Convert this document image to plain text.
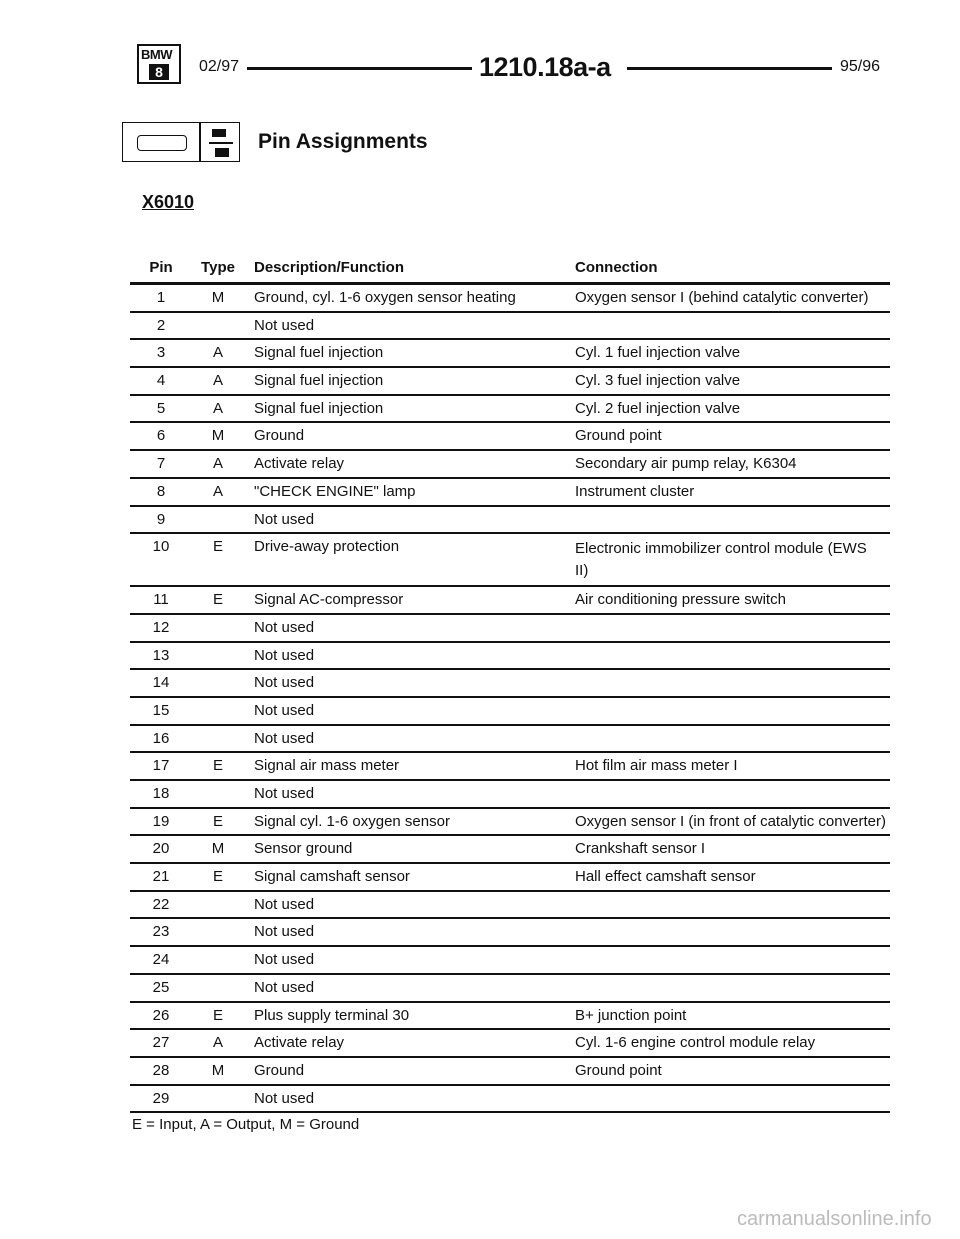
BMW
8	02/97	1210.18a-a	95/96
Pin Assignments
X6010
Pin	Type Description/Function	Connection
1	M	Ground, cyl. 1-6 oxygen sensor heating	Oxygen sensor I (behind catalytic converter)
2	Not used
3	A	Signal fuel injection	Cyl. 1 fuel injection valve
4	A	Signal fuel injection	Cyl. 3 fuel injection valve
5	A	Signal fuel injection	Cyl. 2 fuel injection valve
6	M	Ground	Ground point
7	A	Activate relay	Secondary air pump relay, K6304
8	A	"CHECK ENGINE" lamp	Instrument cluster
9	Not used
10	E	Drive-away protection	Electronic immobilizer control module (EWS II)
11	E	Signal AC-compressor	Air conditioning pressure switch
12	Not used
13	Not used
14	Not used
15	Not used
16	Not used
17	E	Signal air mass meter	Hot film air mass meter I
18	Not used
19	E	Signal cyl. 1-6 oxygen sensor	Oxygen sensor I (in front of catalytic converter)
20	M	Sensor ground	Crankshaft sensor I
21	E	Signal camshaft sensor	Hall effect camshaft sensor
22	Not used
23	Not used
24	Not used
25	Not used
26	E	Plus supply terminal 30	B+ junction point
27	A	Activate relay	Cyl. 1-6 engine control module relay
28	M	Ground	Ground point
29	Not used
E = Input, A = Output, M = Ground
carmanualsonline.info
